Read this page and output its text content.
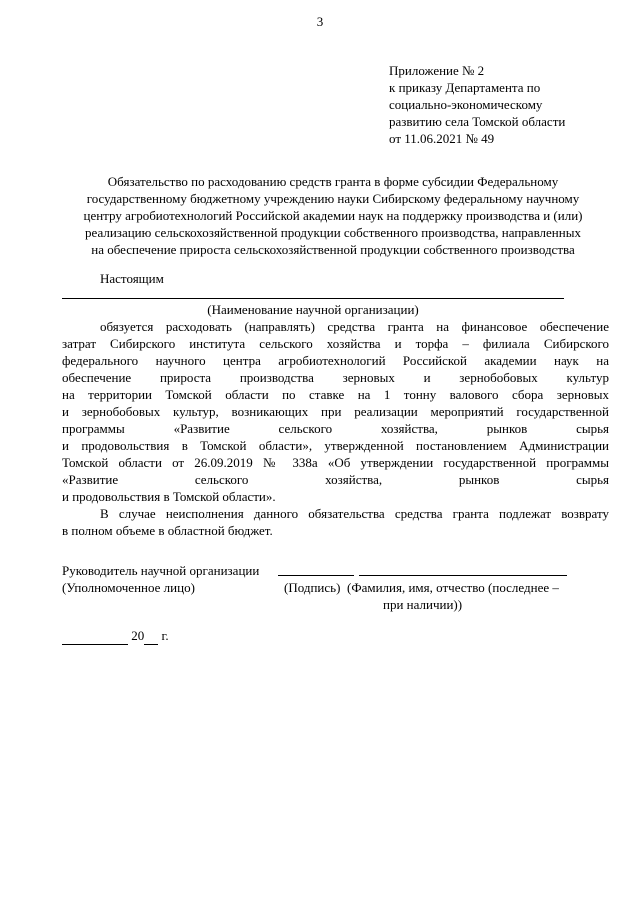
3
Приложение № 2
к приказу Департамента по
социально-экономическому
развитию села Томской области
от 11.06.2021 № 49
Обязательство по расходованию средств гранта в форме субсидии Федеральному
государственному бюджетному учреждению науки Сибирскому федеральному научному
центру агробиотехнологий Российской академии наук на поддержку производства и (или)
реализацию сельскохозяйственной продукции собственного производства, направленных
на обеспечение прироста сельскохозяйственной продукции собственного производства
Настоящим
(Наименование научной организации)
обязуется расходовать (направлять) средства гранта на финансовое обеспечение
затрат Сибирского института сельского хозяйства и торфа – филиала Сибирского
федерального научного центра агробиотехнологий Российской академии наук на
обеспечение прироста производства зерновых и зернобобовых культур
на территории Томской области по ставке на 1 тонну валового сбора зерновых
и зернобобовых культур, возникающих при реализации мероприятий государственной
программы «Развитие сельского хозяйства, рынков сырья
и продовольствия в Томской области», утвержденной постановлением Администрации
Томской области от 26.09.2019 № 338а «Об утверждении государственной программы
«Развитие сельского хозяйства, рынков сырья
и продовольствия в Томской области».
В случае неисполнения данного обязательства средства гранта подлежат возврату
в полном объеме в областной бюджет.
Руководитель научной организации
(Уполномоченное лицо)	(Подпись) (Фамилия, имя, отчество (последнее –
при наличии))
20 г.
